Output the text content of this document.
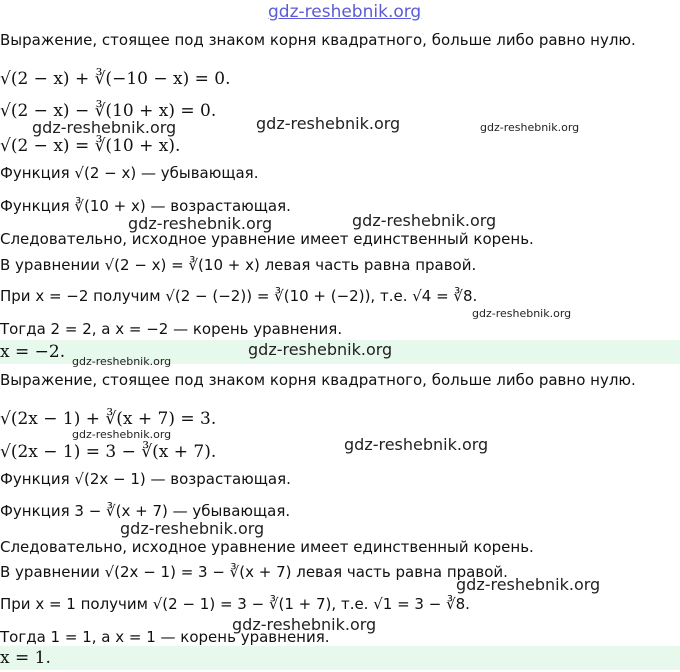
gdz-reshebnik.org
Выражение, стоящее под знаком корня квадратного, больше либо равно нулю.
√(2 − x) + ∛(−10 − x) = 0.
√(2 − x) − ∛(10 + x) = 0.
√(2 − x) = ∛(10 + x).
Функция √(2 − x) — убывающая.
Функция ∛(10 + x) — возрастающая.
Следовательно, исходное уравнение имеет единственный корень.
В уравнении √(2 − x) = ∛(10 + x) левая часть равна правой.
При x = −2 получим √(2 − (−2)) = ∛(10 + (−2)), т.е. √4 = ∛8.
Тогда 2 = 2, а x = −2 — корень уравнения.
x = −2.
Выражение, стоящее под знаком корня квадратного, больше либо равно нулю.
√(2x − 1) + ∛(x + 7) = 3.
√(2x − 1) = 3 − ∛(x + 7).
Функция √(2x − 1) — возрастающая.
Функция 3 − ∛(x + 7) — убывающая.
Следовательно, исходное уравнение имеет единственный корень.
В уравнении √(2x − 1) = 3 − ∛(x + 7) левая часть равна правой.
При x = 1 получим √(2 − 1) = 3 − ∛(1 + 7), т.е. √1 = 3 − ∛8.
Тогда 1 = 1, а x = 1 — корень уравнения.
x = 1.
gdz-reshebnik.org	gdz-reshebnik.org	gdz-reshebnik.org
gdz-reshebnik.org	gdz-reshebnik.org
gdz-reshebnik.org
gdz-reshebnik.org
gdz-reshebnik.org
gdz-reshebnik.org
gdz-reshebnik.org
gdz-reshebnik.org
gdz-reshebnik.org
gdz-reshebnik.org
